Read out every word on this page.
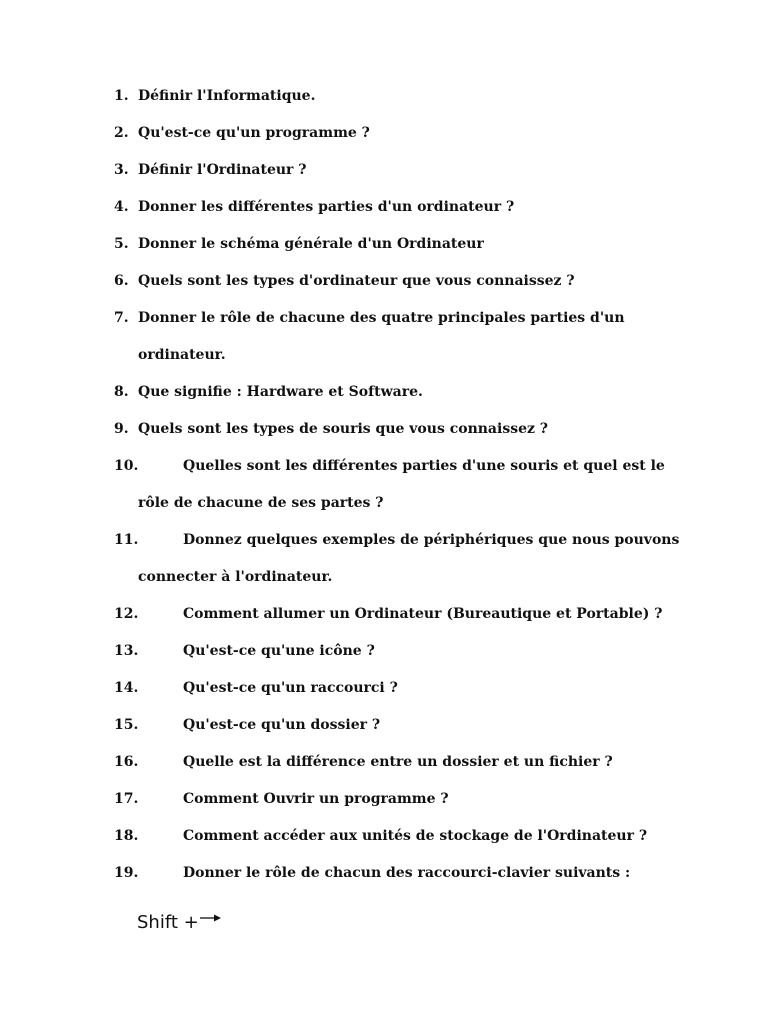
1. Définir l'Informatique.
2. Qu'est-ce qu'un programme ?
3. Définir l'Ordinateur ?
4. Donner les différentes parties d'un ordinateur ?
5. Donner le schéma générale d'un Ordinateur
6. Quels sont les types d'ordinateur que vous connaissez ?
7. Donner le rôle de chacune des quatre principales parties d'un
ordinateur.
8. Que signifie : Hardware et Software.
9. Quels sont les types de souris que vous connaissez ?
10.	Quelles sont les différentes parties d'une souris et quel est le
rôle de chacune de ses partes ?
11.	Donnez quelques exemples de périphériques que nous pouvons
connecter à l'ordinateur.
12.	Comment allumer un Ordinateur (Bureautique et Portable) ?
13.	Qu'est-ce qu'une icône ?
14.	Qu'est-ce qu'un raccourci ?
15.	Qu'est-ce qu'un dossier ?
16.	Quelle est la différence entre un dossier et un fichier ?
17.	Comment Ouvrir un programme ?
18.	Comment accéder aux unités de stockage de l'Ordinateur ?
19.	Donner le rôle de chacun des raccourci-clavier suivants :
Shift +
